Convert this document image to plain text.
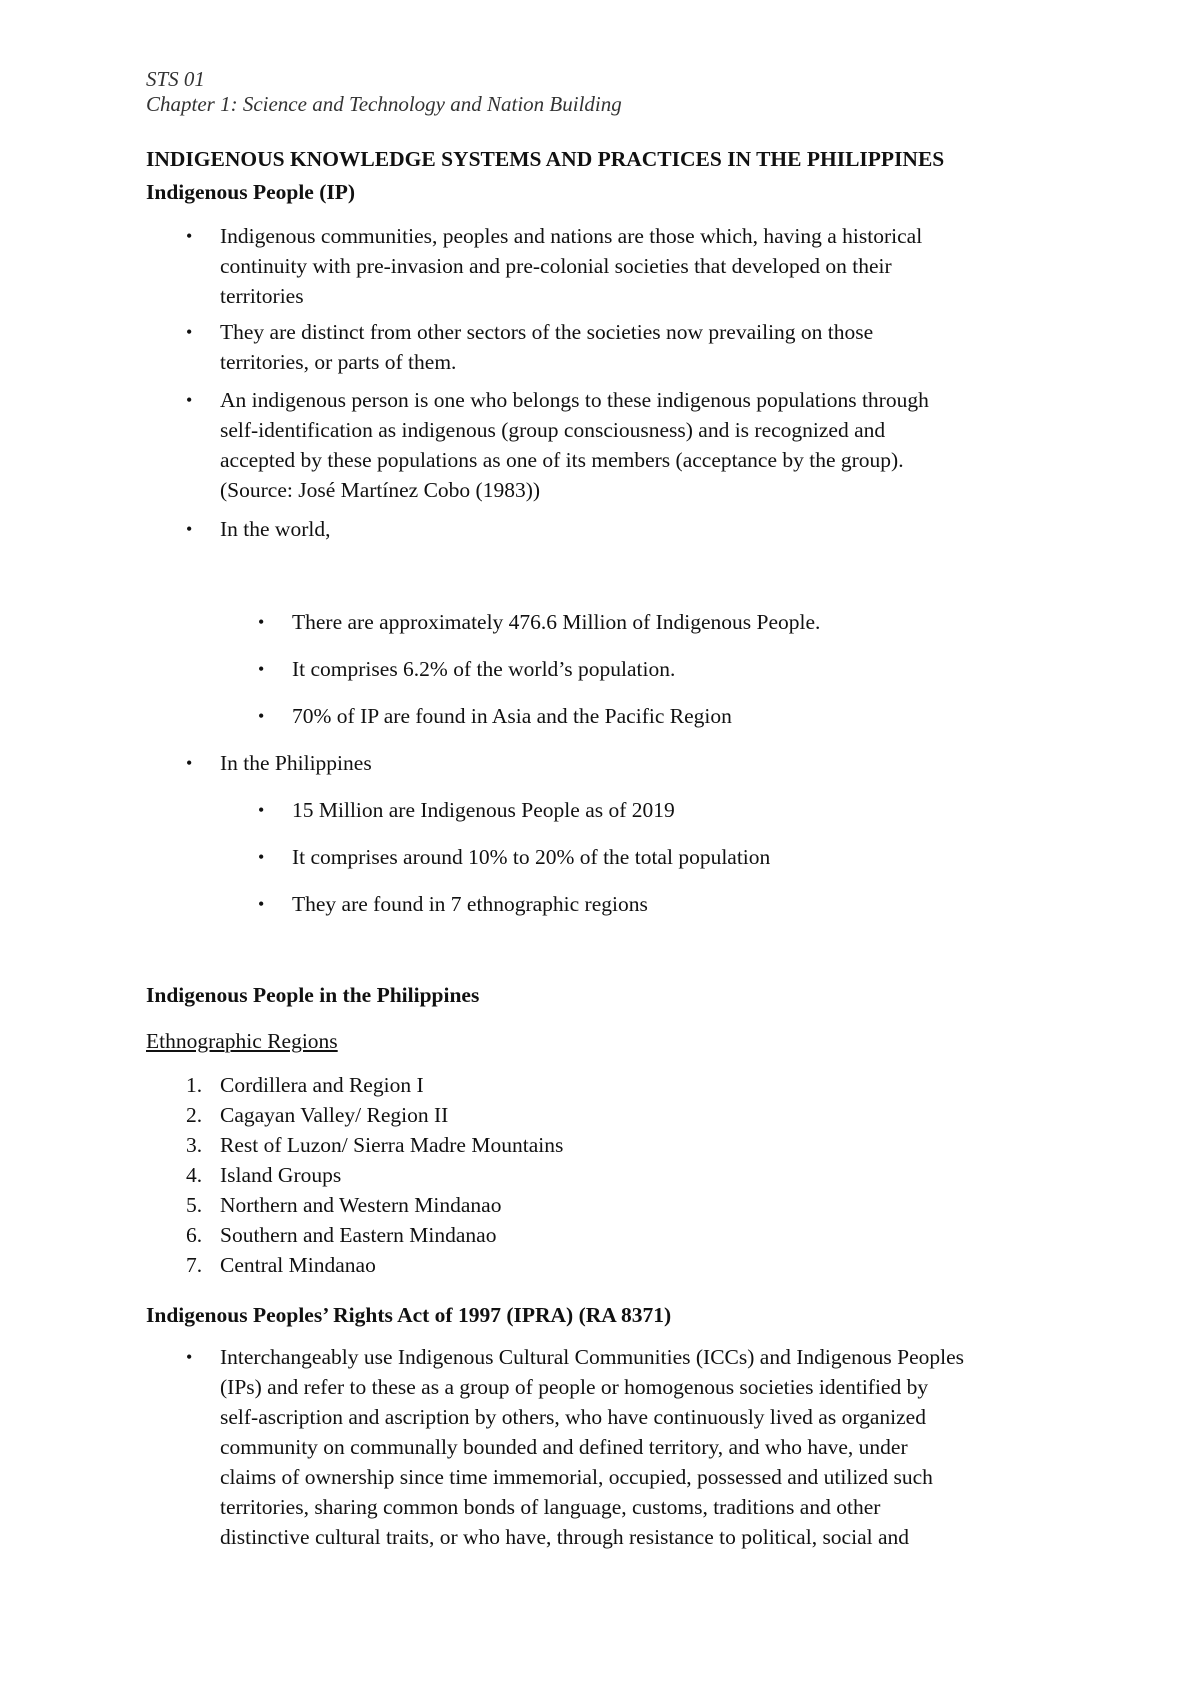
STS 01
Chapter 1: Science and Technology and Nation Building
INDIGENOUS KNOWLEDGE SYSTEMS AND PRACTICES IN THE PHILIPPINES
Indigenous People (IP)
• Indigenous communities, peoples and nations are those which, having a historical
continuity with pre-invasion and pre-colonial societies that developed on their
territories
• They are distinct from other sectors of the societies now prevailing on those
territories, or parts of them.
• An indigenous person is one who belongs to these indigenous populations through
self-identification as indigenous (group consciousness) and is recognized and
accepted by these populations as one of its members (acceptance by the group).
(Source: José Martínez Cobo (1983))
• In the world,
• There are approximately 476.6 Million of Indigenous People.
• It comprises 6.2% of the world’s population.
• 70% of IP are found in Asia and the Pacific Region
• In the Philippines
• 15 Million are Indigenous People as of 2019
• It comprises around 10% to 20% of the total population
• They are found in 7 ethnographic regions
Indigenous People in the Philippines
Ethnographic Regions
1. Cordillera and Region I
2. Cagayan Valley/ Region II
3. Rest of Luzon/ Sierra Madre Mountains
4. Island Groups
5. Northern and Western Mindanao
6. Southern and Eastern Mindanao
7. Central Mindanao
Indigenous Peoples’ Rights Act of 1997 (IPRA) (RA 8371)
• Interchangeably use Indigenous Cultural Communities (ICCs) and Indigenous Peoples
(IPs) and refer to these as a group of people or homogenous societies identified by
self-ascription and ascription by others, who have continuously lived as organized
community on communally bounded and defined territory, and who have, under
claims of ownership since time immemorial, occupied, possessed and utilized such
territories, sharing common bonds of language, customs, traditions and other
distinctive cultural traits, or who have, through resistance to political, social and
